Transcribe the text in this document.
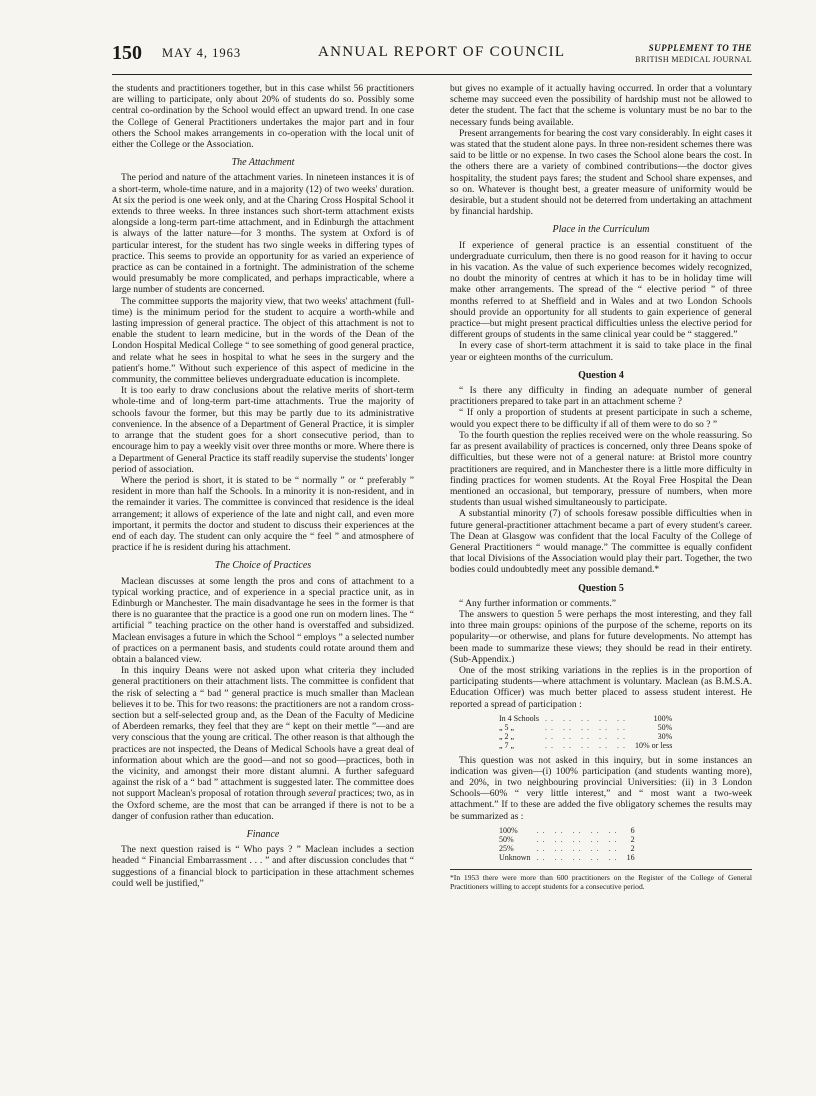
150 MAY 4, 1963	ANNUAL REPORT OF COUNCIL	SUPPLEMENT TO THE
BRITISH MEDICAL JOURNAL

the students and practitioners together, but in this case whilst 56 practitioners are willing to participate, only about 20% of students do so. Possibly some central co-ordination by the School would effect an upward trend. In one case the College of General Practitioners undertakes the major part and in four others the School makes arrangements in co-operation with the local unit of either the College or the Association.

The Attachment

The period and nature of the attachment varies. In nineteen instances it is of a short-term, whole-time nature, and in a majority (12) of two weeks' duration. At six the period is one week only, and at the Charing Cross Hospital School it extends to three weeks. In three instances such short-term attachment exists alongside a long-term part-time attachment, and in Edinburgh the attachment is always of the latter nature—for 3 months. The system at Oxford is of particular interest, for the student has two single weeks in differing types of practice. This seems to provide an opportunity for as varied an experience of practice as can be contained in a fortnight. The administration of the scheme would presumably be more complicated, and perhaps impracticable, where a large number of students are concerned.

The committee supports the majority view, that two weeks' attachment (full-time) is the minimum period for the student to acquire a worth-while and lasting impression of general practice. The object of this attachment is not to enable the student to learn medicine, but in the words of the Dean of the London Hospital Medical College “ to see something of good general practice, and relate what he sees in hospital to what he sees in the surgery and the patient's home.” Without such experience of this aspect of medicine in the community, the committee believes undergraduate education is incomplete.

It is too early to draw conclusions about the relative merits of short-term whole-time and of long-term part-time attachments. True the majority of schools favour the former, but this may be partly due to its administrative convenience. In the absence of a Department of General Practice, it is simpler to arrange that the student goes for a short consecutive period, than to encourage him to pay a weekly visit over three months or more. Where there is a Department of General Practice its staff readily supervise the students' longer period of association.

Where the period is short, it is stated to be “ normally ” or “ preferably ” resident in more than half the Schools. In a minority it is non-resident, and in the remainder it varies. The committee is convinced that residence is the ideal arrangement; it allows of experience of the late and night call, and even more important, it permits the doctor and student to discuss their experiences at the end of each day. The student can only acquire the “ feel ” and atmosphere of practice if he is resident during his attachment.

The Choice of Practices

Maclean discusses at some length the pros and cons of attachment to a typical working practice, and of experience in a special practice unit, as in Edinburgh or Manchester. The main disadvantage he sees in the former is that there is no guarantee that the practice is a good one run on modern lines. The “ artificial ” teaching practice on the other hand is overstaffed and subsidized. Maclean envisages a future in which the School “ employs ” a selected number of practices on a permanent basis, and students could rotate around them and obtain a balanced view.

In this inquiry Deans were not asked upon what criteria they included general practitioners on their attachment lists. The committee is confident that the risk of selecting a “ bad ” general practice is much smaller than Maclean believes it to be. This for two reasons: the practitioners are not a random cross-section but a self-selected group and, as the Dean of the Faculty of Medicine of Aberdeen remarks, they feel that they are “ kept on their mettle ”—and are very conscious that the young are critical. The other reason is that although the practices are not inspected, the Deans of Medical Schools have a great deal of information about which are the good—and not so good—practices, both in the vicinity, and amongst their more distant alumni. A further safeguard against the risk of a “ bad ” attachment is suggested later. The committee does not support Maclean's proposal of rotation through several practices; two, as in the Oxford scheme, are the most that can be arranged if there is not to be a danger of confusion rather than education.

Finance

The next question raised is “ Who pays ? ” Maclean includes a section headed “ Financial Embarrassment . . . ” and after discussion concludes that “ suggestions of a financial block to participation in these attachment schemes could well be justified,”

but gives no example of it actually having occurred. In order that a voluntary scheme may succeed even the possibility of hardship must not be allowed to deter the student. The fact that the scheme is voluntary must be no bar to the necessary funds being available.

Present arrangements for bearing the cost vary considerably. In eight cases it was stated that the student alone pays. In three non-resident schemes there was said to be little or no expense. In two cases the School alone bears the cost. In the others there are a variety of combined contributions—the doctor gives hospitality, the student pays fares; the student and School share expenses, and so on. Whatever is thought best, a greater measure of uniformity would be desirable, but a student should not be deterred from undertaking an attachment by financial hardship.

Place in the Curriculum

If experience of general practice is an essential constituent of the undergraduate curriculum, then there is no good reason for it having to occur in his vacation. As the value of such experience becomes widely recognized, no doubt the minority of centres at which it has to be in holiday time will make other arrangements. The spread of the “ elective period ” of three months referred to at Sheffield and in Wales and at two London Schools should provide an opportunity for all students to gain experience of general practice—but might present practical difficulties unless the elective period for different groups of students in the same clinical year could be “ staggered.”

In every case of short-term attachment it is said to take place in the final year or eighteen months of the curriculum.

Question 4

“ Is there any difficulty in finding an adequate number of general practitioners prepared to take part in an attachment scheme ?

“ If only a proportion of students at present participate in such a scheme, would you expect there to be difficulty if all of them were to do so ? ”

To the fourth question the replies received were on the whole reassuring. So far as present availability of practices is concerned, only three Deans spoke of difficulties, but these were not of a general nature: at Bristol more country practitioners are required, and in Manchester there is a little more difficulty in finding practices for women students. At the Royal Free Hospital the Dean mentioned an occasional, but temporary, pressure of numbers, when more students than usual wished simultaneously to participate.

A substantial minority (7) of schools foresaw possible difficulties when in future general-practitioner attachment became a part of every student's career. The Dean at Glasgow was confident that the local Faculty of the College of General Practitioners “ would manage.” The committee is equally confident that local Divisions of the Association would play their part. Together, the two bodies could undoubtedly meet any possible demand.*

Question 5

“ Any further information or comments.”

The answers to question 5 were perhaps the most interesting, and they fall into three main groups: opinions of the purpose of the scheme, reports on its popularity—or otherwise, and plans for future developments. No attempt has been made to summarize these views; they should be read in their entirety. (Sub-Appendix.)

One of the most striking variations in the replies is in the proportion of participating students—where attachment is voluntary. Maclean (as B.M.S.A. Education Officer) was much better placed to assess student interest. He reported a spread of participation :

In 4 Schools	.. .. .. .. ..	100%
„ 5 „	.. .. .. .. ..	50%
„ 2 „	.. .. .. .. ..	30%
„ 7 „	.. .. .. .. ..	10% or less

This question was not asked in this inquiry, but in some instances an indication was given—(i) 100% participation (and students wanting more), and 20%, in two neighbouring provincial Universities: (ii) in 3 London Schools—60% “ very little interest,” and “ most want a two-week attachment.” If to these are added the five obligatory schemes the results may be summarized as :

100%	.. .. .. .. ..	6
50%	.. .. .. .. ..	2
25%	.. .. .. .. ..	2
Unknown	.. .. .. .. ..	16
*In 1953 there were more than 600 practitioners on the Register of the College of General Practitioners willing to accept students for a consecutive period.
